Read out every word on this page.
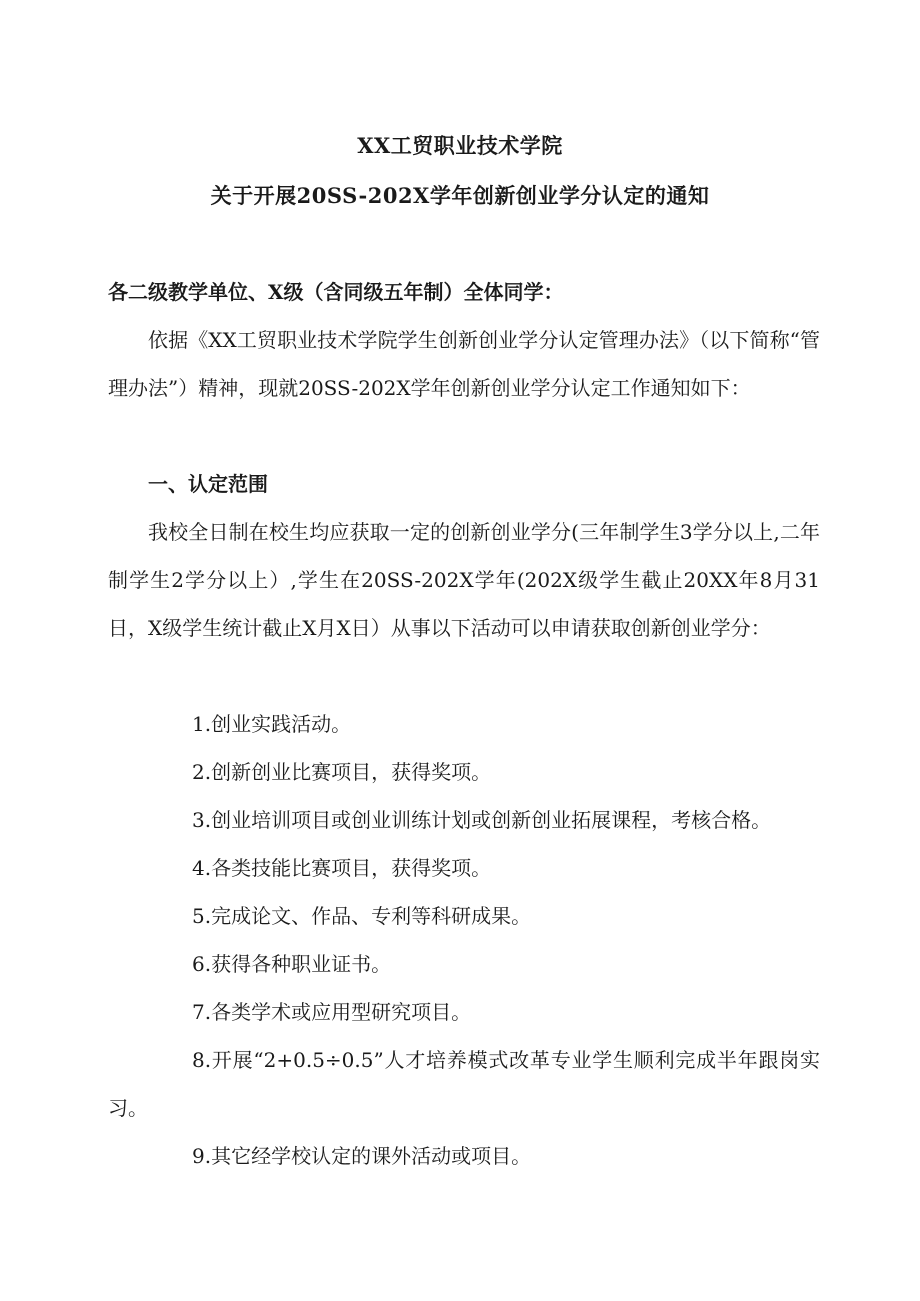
XX工贸职业技术学院
关于开展20SS-202X学年创新创业学分认定的通知
各二级教学单位、X级（含同级五年制）全体同学：
依据《XX工贸职业技术学院学生创新创业学分认定管理办法》（以下简称“管理办法”）精神，现就20SS-202X学年创新创业学分认定工作通知如下：
一、认定范围
我校全日制在校生均应获取一定的创新创业学分(三年制学生3学分以上,二年制学生2学分以上）,学生在20SS-202X学年(202X级学生截止20XX年8月31日，X级学生统计截止X月X日）从事以下活动可以申请获取创新创业学分：
1.创业实践活动。
2.创新创业比赛项目，获得奖项。
3.创业培训项目或创业训练计划或创新创业拓展课程，考核合格。
4.各类技能比赛项目，获得奖项。
5.完成论文、作品、专利等科研成果。
6.获得各种职业证书。
7.各类学术或应用型研究项目。
8.开展“2+0.5÷0.5”人才培养模式改革专业学生顺利完成半年跟岗实习。
9.其它经学校认定的课外活动或项目。
